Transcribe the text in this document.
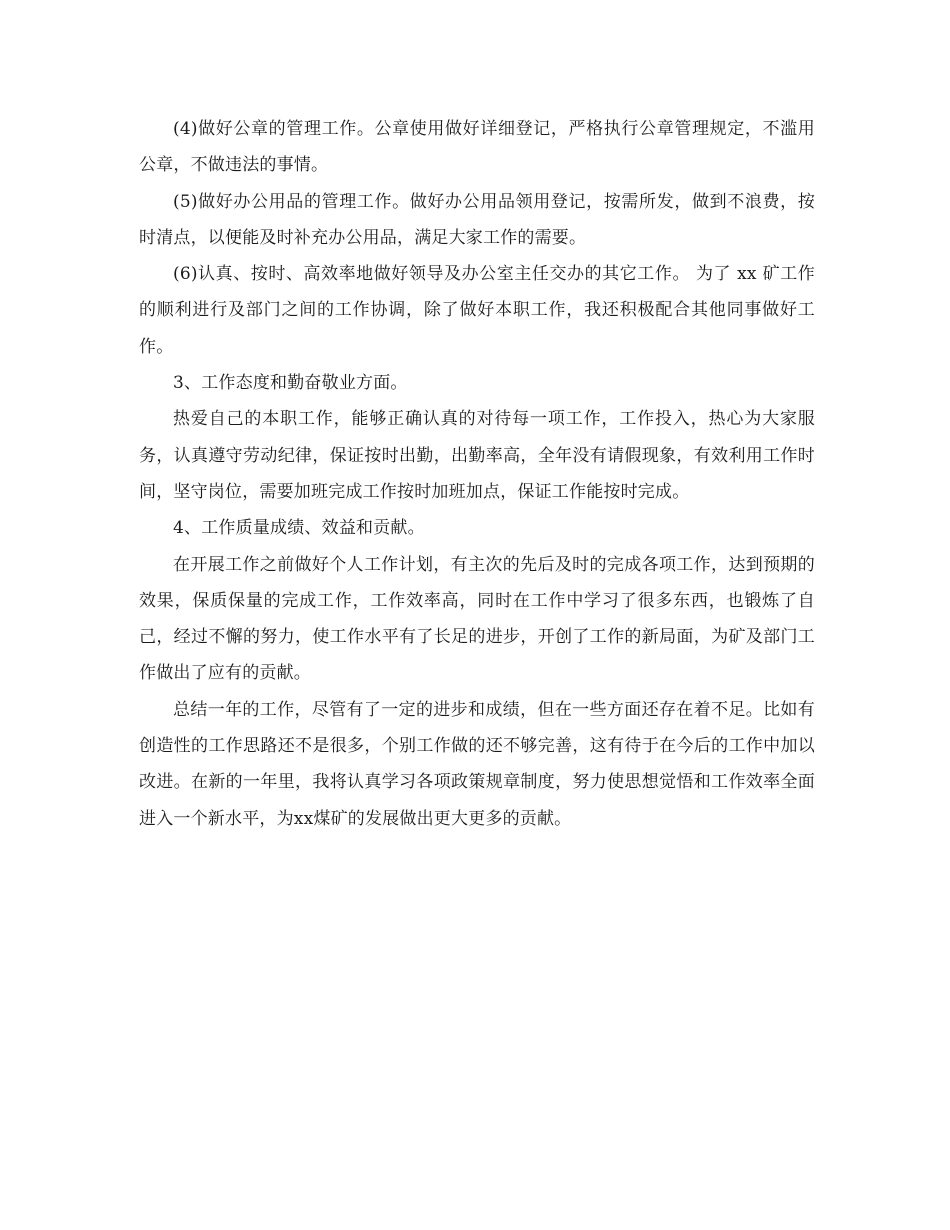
(4)做好公章的管理工作。公章使用做好详细登记，严格执行公章管理规定，不滥用公章，不做违法的事情。

(5)做好办公用品的管理工作。做好办公用品领用登记，按需所发，做到不浪费，按时清点，以便能及时补充办公用品，满足大家工作的需要。

(6)认真、按时、高效率地做好领导及办公室主任交办的其它工作。 为了 xx 矿工作的顺利进行及部门之间的工作协调，除了做好本职工作，我还积极配合其他同事做好工作。

3、工作态度和勤奋敬业方面。

热爱自己的本职工作，能够正确认真的对待每一项工作，工作投入，热心为大家服务，认真遵守劳动纪律，保证按时出勤，出勤率高，全年没有请假现象，有效利用工作时间，坚守岗位，需要加班完成工作按时加班加点，保证工作能按时完成。

4、工作质量成绩、效益和贡献。

在开展工作之前做好个人工作计划，有主次的先后及时的完成各项工作，达到预期的效果，保质保量的完成工作，工作效率高，同时在工作中学习了很多东西，也锻炼了自己，经过不懈的努力，使工作水平有了长足的进步，开创了工作的新局面，为矿及部门工作做出了应有的贡献。

总结一年的工作，尽管有了一定的进步和成绩，但在一些方面还存在着不足。比如有创造性的工作思路还不是很多，个别工作做的还不够完善，这有待于在今后的工作中加以改进。在新的一年里，我将认真学习各项政策规章制度，努力使思想觉悟和工作效率全面进入一个新水平，为xx煤矿的发展做出更大更多的贡献。
